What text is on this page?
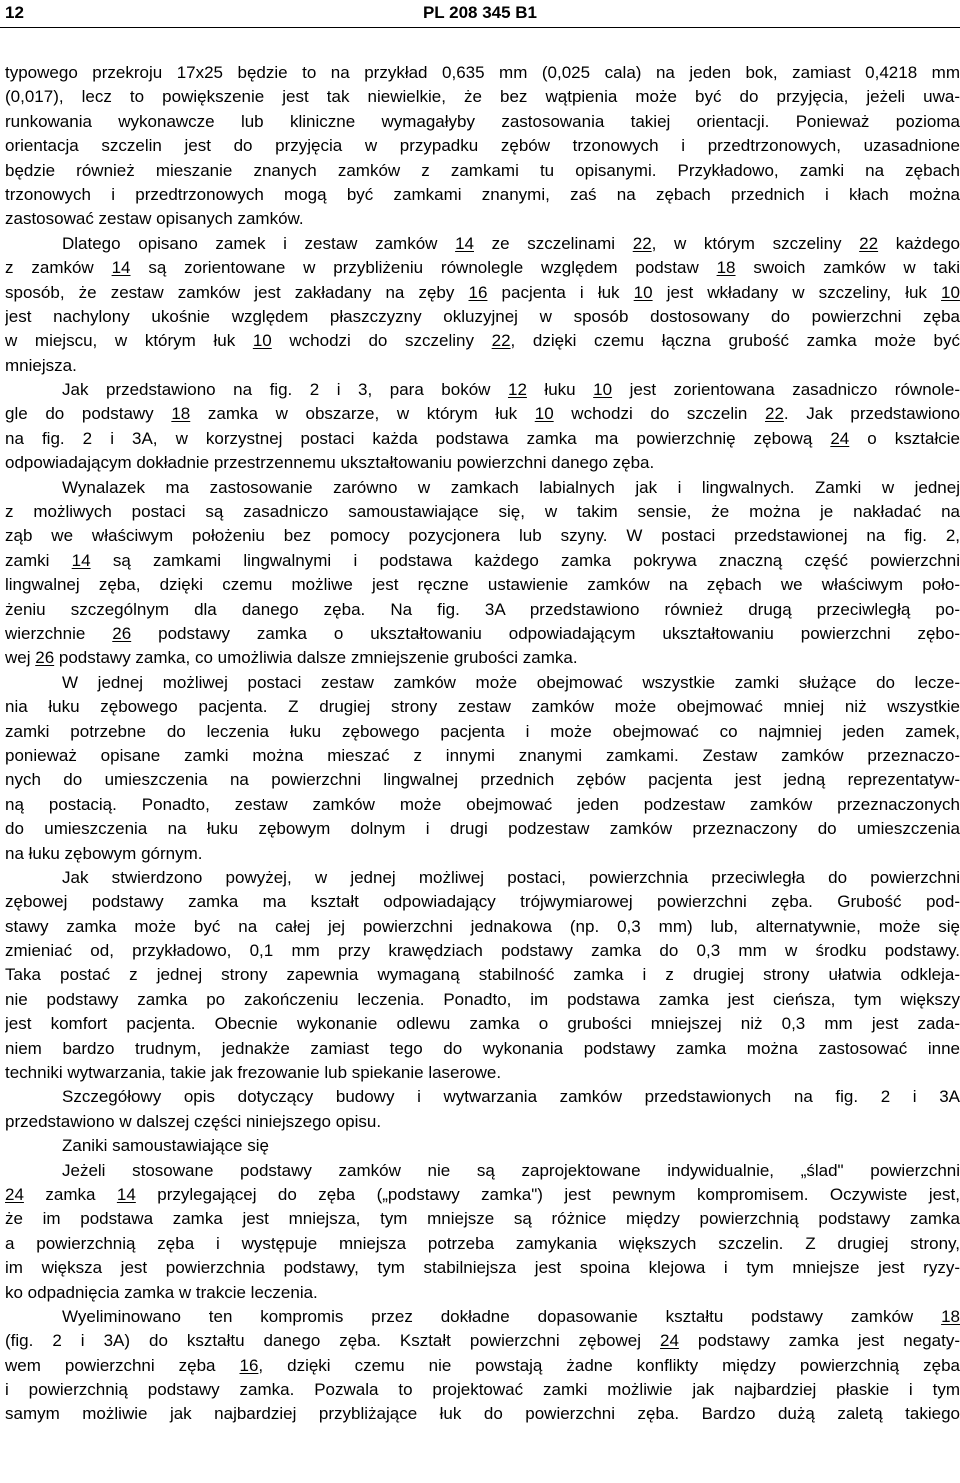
12	PL 208 345 B1
typowego przekroju 17x25 będzie to na przykład 0,635 mm (0,025 cala) na jeden bok, zamiast 0,4218 mm
(0,017), lecz to powiększenie jest tak niewielkie, że bez wątpienia może być do przyjęcia, jeżeli uwa-
runkowania wykonawcze lub kliniczne wymagałyby zastosowania takiej orientacji. Ponieważ pozioma
orientacja szczelin jest do przyjęcia w przypadku zębów trzonowych i przedtrzonowych, uzasadnione
będzie również mieszanie znanych zamków z zamkami tu opisanymi. Przykładowo, zamki na zębach
trzonowych i przedtrzonowych mogą być zamkami znanymi, zaś na zębach przednich i kłach można
zastosować zestaw opisanych zamków.
Dlatego opisano zamek i zestaw zamków 14 ze szczelinami 22, w którym szczeliny 22 każdego
z zamków 14 są zorientowane w przybliżeniu równolegle względem podstaw 18 swoich zamków w taki
sposób, że zestaw zamków jest zakładany na zęby 16 pacjenta i łuk 10 jest wkładany w szczeliny, łuk 10
jest nachylony ukośnie względem płaszczyzny okluzyjnej w sposób dostosowany do powierzchni zęba
w miejscu, w którym łuk 10 wchodzi do szczeliny 22, dzięki czemu łączna grubość zamka może być
mniejsza.
Jak przedstawiono na fig. 2 i 3, para boków 12 łuku 10 jest zorientowana zasadniczo równole-
gle do podstawy 18 zamka w obszarze, w którym łuk 10 wchodzi do szczelin 22. Jak przedstawiono
na fig. 2 i 3A, w korzystnej postaci każda podstawa zamka ma powierzchnię zębową 24 o kształcie
odpowiadającym dokładnie przestrzennemu ukształtowaniu powierzchni danego zęba.
Wynalazek ma zastosowanie zarówno w zamkach labialnych jak i lingwalnych. Zamki w jednej
z możliwych postaci są zasadniczo samoustawiające się, w takim sensie, że można je nakładać na
ząb we właściwym położeniu bez pomocy pozycjonera lub szyny. W postaci przedstawionej na fig. 2,
zamki 14 są zamkami lingwalnymi i podstawa każdego zamka pokrywa znaczną część powierzchni
lingwalnej zęba, dzięki czemu możliwe jest ręczne ustawienie zamków na zębach we właściwym poło-
żeniu szczególnym dla danego zęba. Na fig. 3A przedstawiono również drugą przeciwległą po-
wierzchnie 26 podstawy zamka o ukształtowaniu odpowiadającym ukształtowaniu powierzchni zębo-
wej 26 podstawy zamka, co umożliwia dalsze zmniejszenie grubości zamka.
W jednej możliwej postaci zestaw zamków może obejmować wszystkie zamki służące do lecze-
nia łuku zębowego pacjenta. Z drugiej strony zestaw zamków może obejmować mniej niż wszystkie
zamki potrzebne do leczenia łuku zębowego pacjenta i może obejmować co najmniej jeden zamek,
ponieważ opisane zamki można mieszać z innymi znanymi zamkami. Zestaw zamków przeznaczo-
nych do umieszczenia na powierzchni lingwalnej przednich zębów pacjenta jest jedną reprezentatyw-
ną postacią. Ponadto, zestaw zamków może obejmować jeden podzestaw zamków przeznaczonych
do umieszczenia na łuku zębowym dolnym i drugi podzestaw zamków przeznaczony do umieszczenia
na łuku zębowym górnym.
Jak stwierdzono powyżej, w jednej możliwej postaci, powierzchnia przeciwległa do powierzchni
zębowej podstawy zamka ma kształt odpowiadający trójwymiarowej powierzchni zęba. Grubość pod-
stawy zamka może być na całej jej powierzchni jednakowa (np. 0,3 mm) lub, alternatywnie, może się
zmieniać od, przykładowo, 0,1 mm przy krawędziach podstawy zamka do 0,3 mm w środku podstawy.
Taka postać z jednej strony zapewnia wymaganą stabilność zamka i z drugiej strony ułatwia odkleja-
nie podstawy zamka po zakończeniu leczenia. Ponadto, im podstawa zamka jest cieńsza, tym większy
jest komfort pacjenta. Obecnie wykonanie odlewu zamka o grubości mniejszej niż 0,3 mm jest zada-
niem bardzo trudnym, jednakże zamiast tego do wykonania podstawy zamka można zastosować inne
techniki wytwarzania, takie jak frezowanie lub spiekanie laserowe.
Szczegółowy opis dotyczący budowy i wytwarzania zamków przedstawionych na fig. 2 i 3A
przedstawiono w dalszej części niniejszego opisu.
Zaniki samoustawiające się
Jeżeli stosowane podstawy zamków nie są zaprojektowane indywidualnie, „ślad" powierzchni
24 zamka 14 przylegającej do zęba („podstawy zamka") jest pewnym kompromisem. Oczywiste jest,
że im podstawa zamka jest mniejsza, tym mniejsze są różnice między powierzchnią podstawy zamka
a powierzchnią zęba i występuje mniejsza potrzeba zamykania większych szczelin. Z drugiej strony,
im większa jest powierzchnia podstawy, tym stabilniejsza jest spoina klejowa i tym mniejsze jest ryzy-
ko odpadnięcia zamka w trakcie leczenia.
Wyeliminowano ten kompromis przez dokładne dopasowanie kształtu podstawy zamków 18
(fig. 2 i 3A) do kształtu danego zęba. Kształt powierzchni zębowej 24 podstawy zamka jest negaty-
wem powierzchni zęba 16, dzięki czemu nie powstają żadne konflikty między powierzchnią zęba
i powierzchnią podstawy zamka. Pozwala to projektować zamki możliwie jak najbardziej płaskie i tym
samym możliwie jak najbardziej przybliżające łuk do powierzchni zęba. Bardzo dużą zaletą takiego
